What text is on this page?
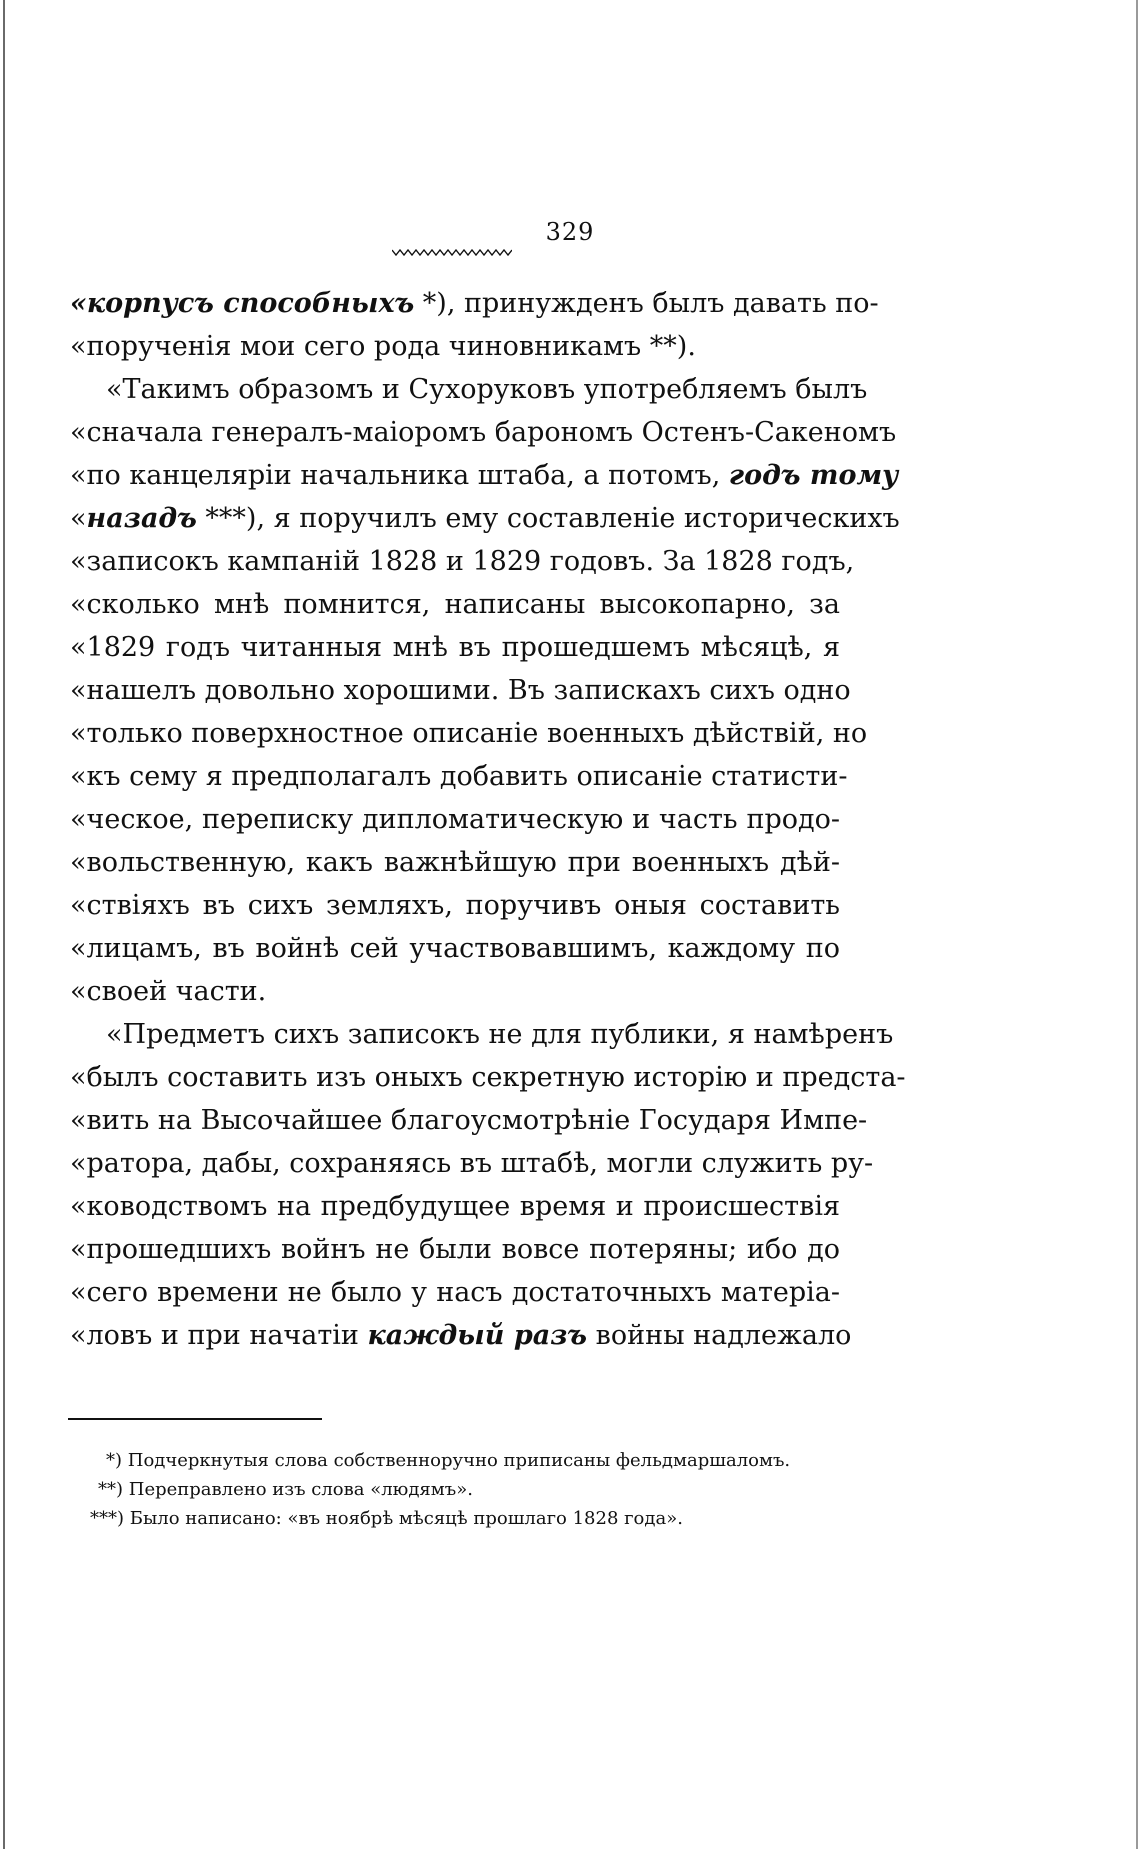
329
«корпусъ способныхъ *), принужденъ былъ давать по-
«порученія мои сего рода чиновникамъ **).
«Такимъ образомъ и Сухоруковъ употребляемъ былъ
«сначала генералъ-маіоромъ барономъ Остенъ-Сакеномъ
«по канцеляріи начальника штаба, а потомъ, годъ тому
«назадъ ***), я поручилъ ему составленіе историческихъ
«записокъ кампаній 1828 и 1829 годовъ. За 1828 годъ,
«сколько мнѣ помнится, написаны высокопарно, за
«1829 годъ читанныя мнѣ въ прошедшемъ мѣсяцѣ, я
«нашелъ довольно хорошими. Въ запискахъ сихъ одно
«только поверхностное описаніе военныхъ дѣйствій, но
«къ сему я предполагалъ добавить описаніе статисти-
«ческое, переписку дипломатическую и часть продо-
«вольственную, какъ важнѣйшую при военныхъ дѣй-
«ствіяхъ въ сихъ земляхъ, поручивъ оныя составить
«лицамъ, въ войнѣ сей участвовавшимъ, каждому по
«своей части.
«Предметъ сихъ записокъ не для публики, я намѣренъ
«былъ составить изъ оныхъ секретную исторію и предста-
«вить на Высочайшее благоусмотрѣніе Государя Импе-
«ратора, дабы, сохраняясь въ штабѣ, могли служить ру-
«ководствомъ на предбудущее время и происшествія
«прошедшихъ войнъ не были вовсе потеряны; ибо до
«сего времени не было у насъ достаточныхъ матеріа-
«ловъ и при начатіи каждый разъ войны надлежало
*) Подчеркнутыя слова собственноручно приписаны фельдмаршаломъ.
**) Переправлено изъ слова «людямъ».
***) Было написано: «въ ноябрѣ мѣсяцѣ прошлаго 1828 года».
